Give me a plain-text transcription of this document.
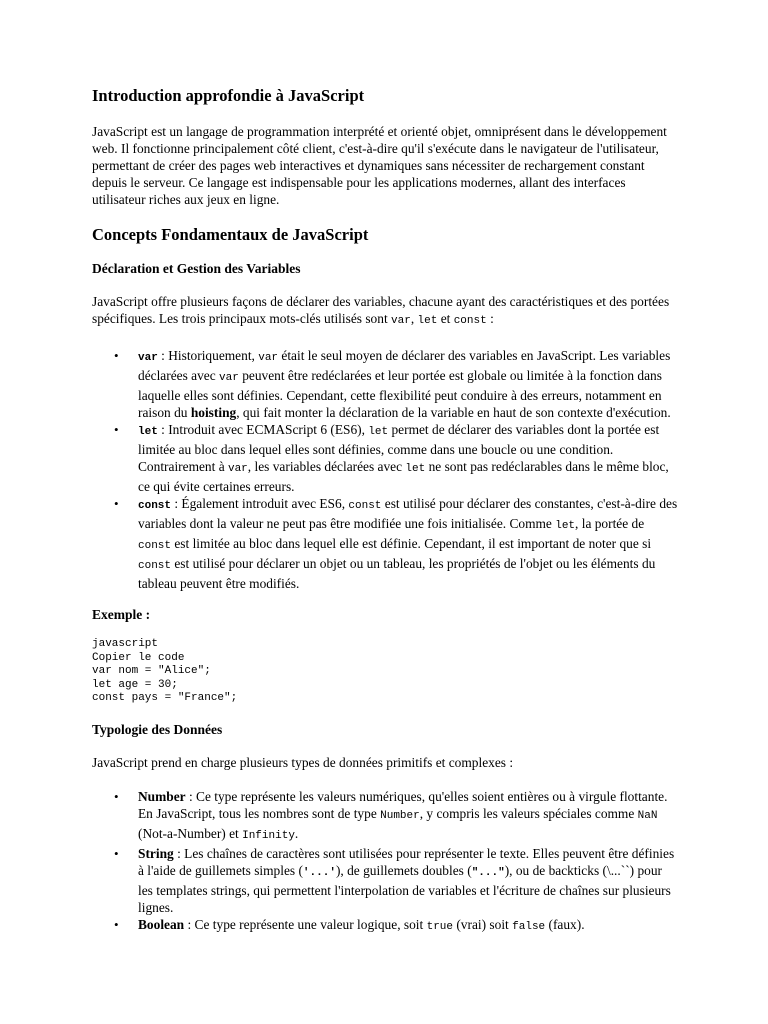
Introduction approfondie à JavaScript

JavaScript est un langage de programmation interprété et orienté objet, omniprésent dans le développement web. Il fonctionne principalement côté client, c'est-à-dire qu'il s'exécute dans le navigateur de l'utilisateur, permettant de créer des pages web interactives et dynamiques sans nécessiter de rechargement constant depuis le serveur. Ce langage est indispensable pour les applications modernes, allant des interfaces utilisateur riches aux jeux en ligne.

Concepts Fondamentaux de JavaScript
Déclaration et Gestion des Variables

JavaScript offre plusieurs façons de déclarer des variables, chacune ayant des caractéristiques et des portées spécifiques. Les trois principaux mots-clés utilisés sont var, let et const :

• var : Historiquement, var était le seul moyen de déclarer des variables en JavaScript. Les variables déclarées avec var peuvent être redéclarées et leur portée est globale ou limitée à la fonction dans laquelle elles sont définies. Cependant, cette flexibilité peut conduire à des erreurs, notamment en raison du hoisting, qui fait monter la déclaration de la variable en haut de son contexte d'exécution.
• let : Introduit avec ECMAScript 6 (ES6), let permet de déclarer des variables dont la portée est limitée au bloc dans lequel elles sont définies, comme dans une boucle ou une condition. Contrairement à var, les variables déclarées avec let ne sont pas redéclarables dans le même bloc, ce qui évite certaines erreurs.
• const : Également introduit avec ES6, const est utilisé pour déclarer des constantes, c'est-à-dire des variables dont la valeur ne peut pas être modifiée une fois initialisée. Comme let, la portée de const est limitée au bloc dans lequel elle est définie. Cependant, il est important de noter que si const est utilisé pour déclarer un objet ou un tableau, les propriétés de l'objet ou les éléments du tableau peuvent être modifiés.
Exemple :
javascript
Copier le code
var nom = "Alice";
let age = 30;
const pays = "France";
Typologie des Données

JavaScript prend en charge plusieurs types de données primitifs et complexes :

• Number : Ce type représente les valeurs numériques, qu'elles soient entières ou à virgule flottante. En JavaScript, tous les nombres sont de type Number, y compris les valeurs spéciales comme NaN (Not-a-Number) et Infinity.
• String : Les chaînes de caractères sont utilisées pour représenter le texte. Elles peuvent être définies à l'aide de guillemets simples ('...'), de guillemets doubles ("..."), ou de backticks (\...``) pour les templates strings, qui permettent l'interpolation de variables et l'écriture de chaînes sur plusieurs lignes.
• Boolean : Ce type représente une valeur logique, soit true (vrai) soit false (faux).
